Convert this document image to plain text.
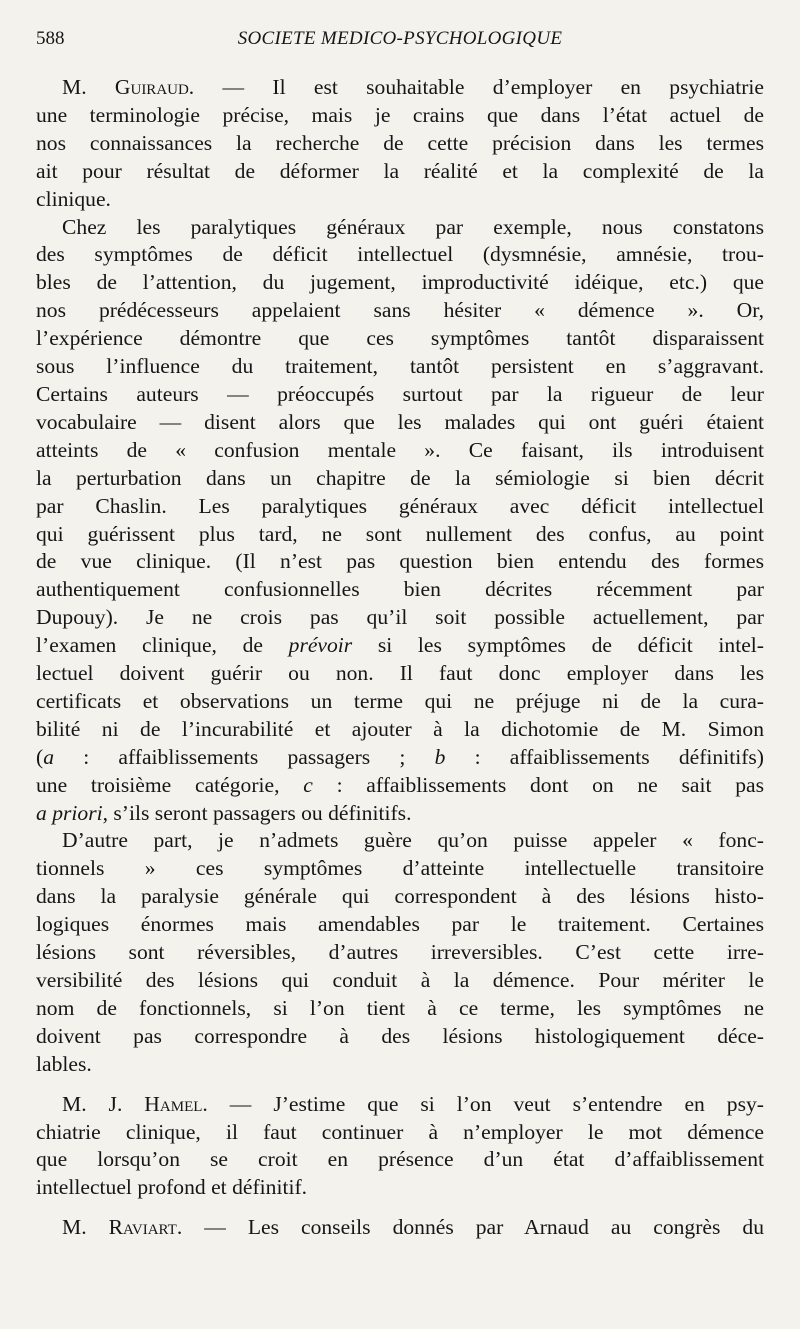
588	SOCIETE MEDICO-PSYCHOLOGIQUE

M. Guiraud. — Il est souhaitable d’employer en psychiatrie
une terminologie précise, mais je crains que dans l’état actuel de
nos connaissances la recherche de cette précision dans les termes
ait pour résultat de déformer la réalité et la complexité de la
clinique.

Chez les paralytiques généraux par exemple, nous constatons
des symptômes de déficit intellectuel (dysmnésie, amnésie, trou-
bles de l’attention, du jugement, improductivité idéique, etc.) que
nos prédécesseurs appelaient sans hésiter « démence ». Or,
l’expérience démontre que ces symptômes tantôt disparaissent
sous l’influence du traitement, tantôt persistent en s’aggravant.
Certains auteurs — préoccupés surtout par la rigueur de leur
vocabulaire — disent alors que les malades qui ont guéri étaient
atteints de « confusion mentale ». Ce faisant, ils introduisent
la perturbation dans un chapitre de la sémiologie si bien décrit
par Chaslin. Les paralytiques généraux avec déficit intellectuel
qui guérissent plus tard, ne sont nullement des confus, au point
de vue clinique. (Il n’est pas question bien entendu des formes
authentiquement confusionnelles bien décrites récemment par
Dupouy). Je ne crois pas qu’il soit possible actuellement, par
l’examen clinique, de prévoir si les symptômes de déficit intel-
lectuel doivent guérir ou non. Il faut donc employer dans les
certificats et observations un terme qui ne préjuge ni de la cura-
bilité ni de l’incurabilité et ajouter à la dichotomie de M. Simon
(a : affaiblissements passagers ; b : affaiblissements définitifs)
une troisième catégorie, c : affaiblissements dont on ne sait pas
a priori, s’ils seront passagers ou définitifs.

D’autre part, je n’admets guère qu’on puisse appeler « fonc-
tionnels » ces symptômes d’atteinte intellectuelle transitoire
dans la paralysie générale qui correspondent à des lésions histo-
logiques énormes mais amendables par le traitement. Certaines
lésions sont réversibles, d’autres irreversibles. C’est cette irre-
versibilité des lésions qui conduit à la démence. Pour mériter le
nom de fonctionnels, si l’on tient à ce terme, les symptômes ne
doivent pas correspondre à des lésions histologiquement déce-
lables.

M. J. Hamel. — J’estime que si l’on veut s’entendre en psy-
chiatrie clinique, il faut continuer à n’employer le mot démence
que lorsqu’on se croit en présence d’un état d’affaiblissement
intellectuel profond et définitif.

M. Raviart. — Les conseils donnés par Arnaud au congrès du
